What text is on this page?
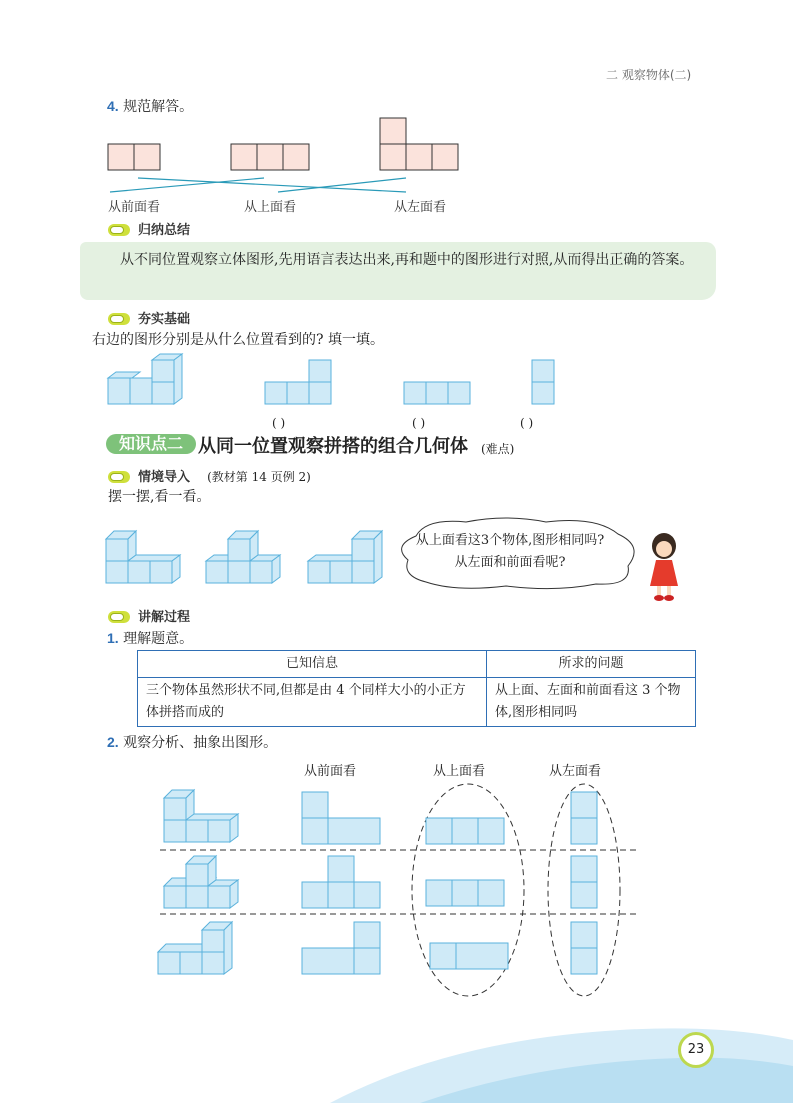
二 观察物体(二)
4. 规范解答。
从前面看	从上面看	从左面看
归纳总结
从不同位置观察立体图形,先用语言表达出来,再和题中的图形进行对照,从而得出正确的答案。
夯实基础
右边的图形分别是从什么位置看到的? 填一填。
( )	( )	( )
知识点二 从同一位置观察拼搭的组合几何体 (难点)
情境导入 (教材第 14 页例 2)
摆一摆,看一看。
从上面看这3个物体,图形相同吗?从左面和前面看呢?
讲解过程
1. 理解题意。
已知信息	所求的问题
三个物体虽然形状不同,但都是由 4 个同样大小的小正方体拼搭而成的	从上面、左面和前面看这 3 个物体,图形相同吗
2. 观察分析、抽象出图形。
从前面看	从上面看	从左面看
23
